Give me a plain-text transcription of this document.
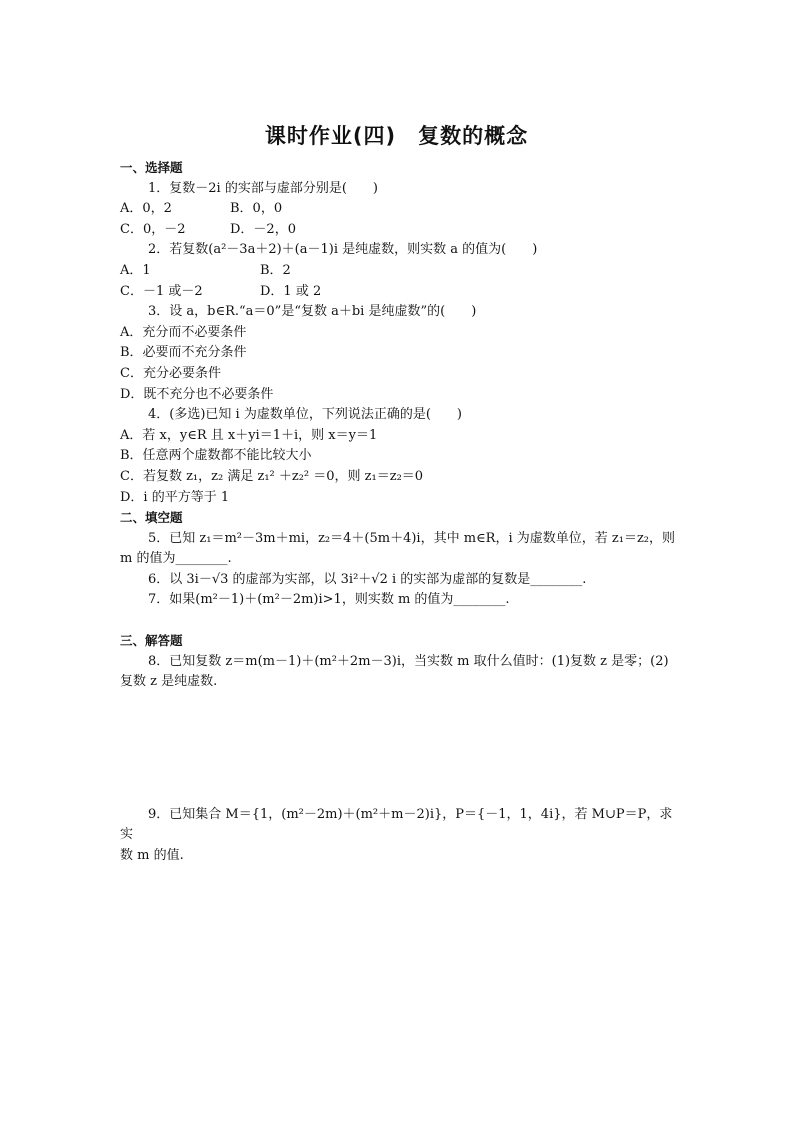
课时作业(四)　复数的概念
一、选择题
1．复数－2i 的实部与虚部分别是(　　)
A．0，2	B．0，0
C．0，－2	D．－2，0
2．若复数(a²－3a＋2)＋(a－1)i 是纯虚数，则实数 a 的值为(　　)
A．1	B．2
C．－1 或－2	D．1 或 2
3．设 a，b∈R.“a＝0”是“复数 a＋bi 是纯虚数”的(　　)
A．充分而不必要条件
B．必要而不充分条件
C．充分必要条件
D．既不充分也不必要条件
4．(多选)已知 i 为虚数单位，下列说法正确的是(　　)
A．若 x，y∈R 且 x＋yi＝1＋i，则 x＝y＝1
B．任意两个虚数都不能比较大小
C．若复数 z₁，z₂ 满足 z₁² ＋z₂² ＝0，则 z₁＝z₂＝0
D．i 的平方等于 1
二、填空题
5．已知 z₁＝m²－3m＋mi，z₂＝4＋(5m＋4)i，其中 m∈R，i 为虚数单位，若 z₁＝z₂，则
m 的值为________.
6．以 3i－√3 的虚部为实部，以 3i²＋√2 i 的实部为虚部的复数是________.
7．如果(m²－1)＋(m²－2m)i>1，则实数 m 的值为________.
三、解答题
8．已知复数 z＝m(m－1)＋(m²＋2m－3)i，当实数 m 取什么值时：(1)复数 z 是零；(2)
复数 z 是纯虚数.
9．已知集合 M＝{1，(m²－2m)＋(m²＋m－2)i}，P＝{－1，1，4i}，若 M∪P＝P，求实
数 m 的值.
